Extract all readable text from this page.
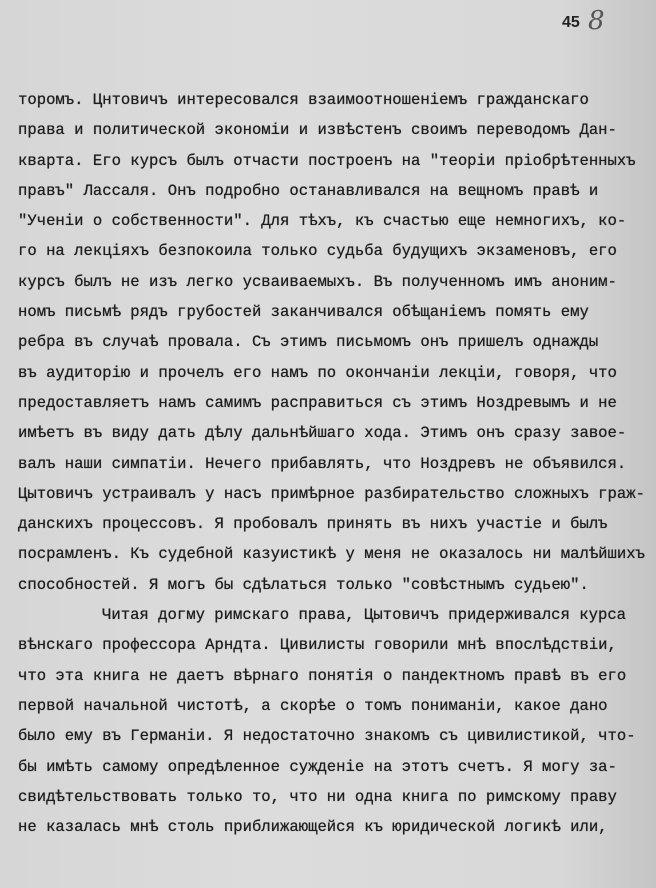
45 8
торомъ. Цнтовичъ интересовался взаимоотношеніемъ гражданскаго
права и политической экономіи и извѣстенъ своимъ переводомъ Дан-
кварта. Его курсъ былъ отчасти построенъ на "теоріи пріобрѣтенныхъ
правъ" Лассаля. Онъ подробно останавливался на вещномъ правѣ и
"Ученіи о собственности". Для тѣхъ, къ счастью еще немногихъ, ко-
го на лекціяхъ безпокоила только судьба будущихъ экзаменовъ, его
курсъ былъ не изъ легко усваиваемыхъ. Въ полученномъ имъ аноним-
номъ письмѣ рядъ грубостей заканчивался обѣщаніемъ помять ему
ребра въ случаѣ провала. Съ этимъ письмомъ онъ пришелъ однажды
въ аудиторію и прочелъ его намъ по окончаніи лекціи, говоря, что
предоставляетъ намъ самимъ расправиться съ этимъ Ноздревымъ и не
имѣетъ въ виду дать дѣлу дальнѣйшаго хода. Этимъ онъ сразу завое-
валъ наши симпатіи. Нечего прибавлять, что Ноздревъ не объявился.
Цытовичъ устраивалъ у насъ примѣрное разбирательство сложныхъ граж-
данскихъ процессовъ. Я пробовалъ принять въ нихъ участіе и былъ
посрамленъ. Къ судебной казуистикѣ у меня не оказалось ни малѣйшихъ
способностей. Я могъ бы сдѣлаться только "совѣстнымъ судьею".
Читая догму римскаго права, Цытовичъ придерживался курса
вѣнскаго профессора Арндта. Цивилисты говорили мнѣ впослѣдствіи,
что эта книга не даетъ вѣрнаго понятія о пандектномъ правѣ въ его
первой начальной чистотѣ, а скорѣе о томъ пониманіи, какое дано
было ему въ Германіи. Я недостаточно знакомъ съ цивилистикой, что-
бы имѣть самому опредѣленное сужденіе на этотъ счетъ. Я могу за-
свидѣтельствовать только то, что ни одна книга по римскому праву
не казалась мнѣ столь приближающейся къ юридической логикѣ или,
